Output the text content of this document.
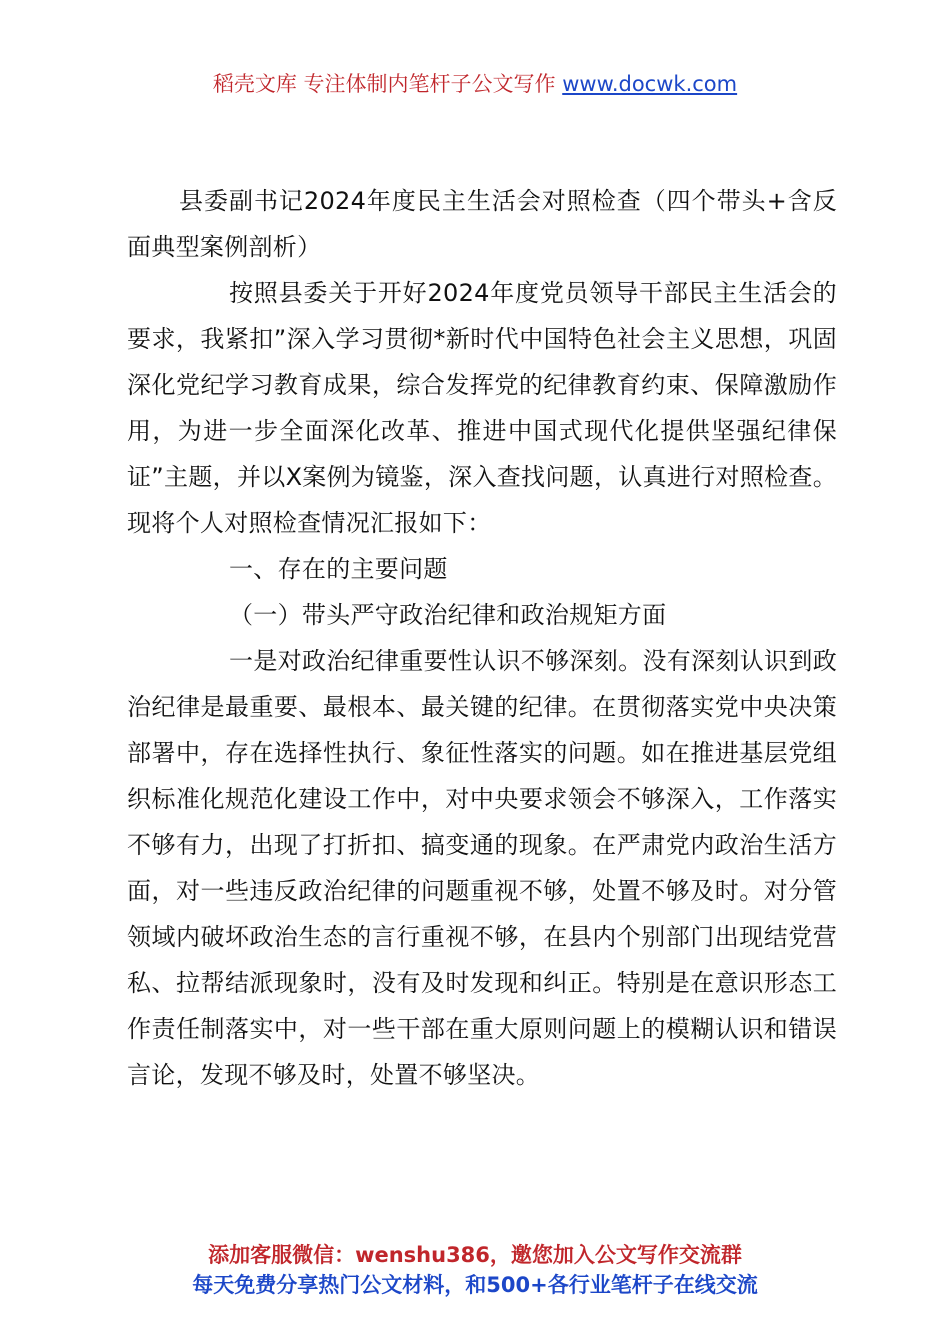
稻壳文库 专注体制内笔杆子公文写作 www.docwk.com

县委副书记2024年度民主生活会对照检查（四个带头+含反面典型案例剖析）

按照县委关于开好2024年度党员领导干部民主生活会的要求，我紧扣”深入学习贯彻*新时代中国特色社会主义思想，巩固深化党纪学习教育成果，综合发挥党的纪律教育约束、保障激励作用，为进一步全面深化改革、推进中国式现代化提供坚强纪律保证”主题，并以X案例为镜鉴，深入查找问题，认真进行对照检查。现将个人对照检查情况汇报如下：

一、存在的主要问题

（一）带头严守政治纪律和政治规矩方面

一是对政治纪律重要性认识不够深刻。没有深刻认识到政治纪律是最重要、最根本、最关键的纪律。在贯彻落实党中央决策部署中，存在选择性执行、象征性落实的问题。如在推进基层党组织标准化规范化建设工作中，对中央要求领会不够深入，工作落实不够有力，出现了打折扣、搞变通的现象。在严肃党内政治生活方面，对一些违反政治纪律的问题重视不够，处置不够及时。对分管领域内破坏政治生态的言行重视不够，在县内个别部门出现结党营私、拉帮结派现象时，没有及时发现和纠正。特别是在意识形态工作责任制落实中，对一些干部在重大原则问题上的模糊认识和错误言论，发现不够及时，处置不够坚决。

添加客服微信：wenshu386，邀您加入公文写作交流群
每天免费分享热门公文材料，和500+各行业笔杆子在线交流
